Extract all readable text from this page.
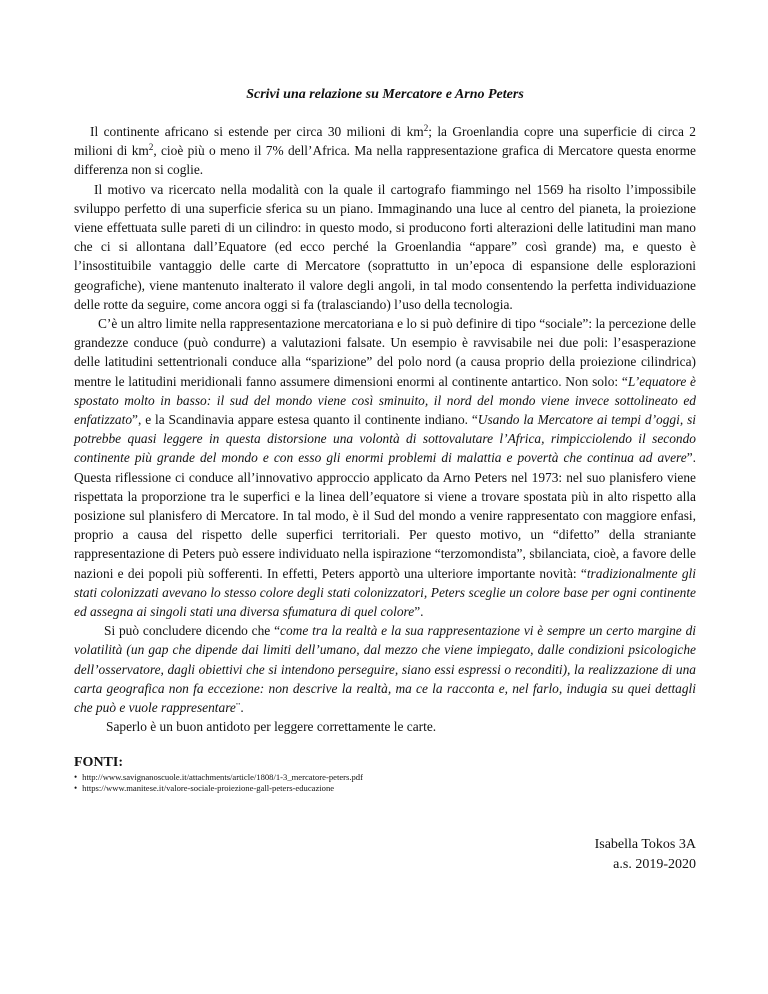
Scrivi una relazione su Mercatore e Arno Peters

Il continente africano si estende per circa 30 milioni di $km^2$; la Groenlandia copre una superficie di circa 2 milioni di $km^2$, cioè più o meno il 7% dell’Africa. Ma nella rappresentazione grafica di Mercatore questa enorme differenza non si coglie.

Il motivo va ricercato nella modalità con la quale il cartografo fiammingo nel 1569 ha risolto l’impossibile sviluppo perfetto di una superficie sferica su un piano. Immaginando una luce al centro del pianeta, la proiezione viene effettuata sulle pareti di un cilindro: in questo modo, si producono forti alterazioni delle latitudini man mano che ci si allontana dall’Equatore (ed ecco perché la Groenlandia “appare” così grande) ma, e questo è l’insostituibile vantaggio delle carte di Mercatore (soprattutto in un’epoca di espansione delle esplorazioni geografiche), viene mantenuto inalterato il valore degli angoli, in tal modo consentendo la perfetta individuazione delle rotte da seguire, come ancora oggi si fa (tralasciando) l’uso della tecnologia.

C’è un altro limite nella rappresentazione mercatoriana e lo si può definire di tipo “sociale”: la percezione delle grandezze conduce (può condurre) a valutazioni falsate. Un esempio è ravvisabile nei due poli: l’esasperazione delle latitudini settentrionali conduce alla “sparizione” del polo nord (a causa proprio della proiezione cilindrica) mentre le latitudini meridionali fanno assumere dimensioni enormi al continente antartico. Non solo: “L’equatore è spostato molto in basso: il sud del mondo viene così sminuito, il nord del mondo viene invece sottolineato ed enfatizzato”, e la Scandinavia appare estesa quanto il continente indiano. “Usando la Mercatore ai tempi d’oggi, si potrebbe quasi leggere in questa distorsione una volontà di sottovalutare l’Africa, rimpicciolendo il secondo continente più grande del mondo e con esso gli enormi problemi di malattia e povertà che continua ad avere”. Questa riflessione ci conduce all’innovativo approccio applicato da Arno Peters nel 1973: nel suo planisfero viene rispettata la proporzione tra le superfici e la linea dell’equatore si viene a trovare spostata più in alto rispetto alla posizione sul planisfero di Mercatore. In tal modo, è il Sud del mondo a venire rappresentato con maggiore enfasi, proprio a causa del rispetto delle superfici territoriali. Per questo motivo, un “difetto” della straniante rappresentazione di Peters può essere individuato nella ispirazione “terzomondista”, sbilanciata, cioè, a favore delle nazioni e dei popoli più sofferenti. In effetti, Peters apportò una ulteriore importante novità: “tradizionalmente gli stati colonizzati avevano lo stesso colore degli stati colonizzatori, Peters sceglie un colore base per ogni continente ed assegna ai singoli stati una diversa sfumatura di quel colore”.

Si può concludere dicendo che “come tra la realtà e la sua rappresentazione vi è sempre un certo margine di volatilità (un gap che dipende dai limiti dell’umano, dal mezzo che viene impiegato, dalle condizioni psicologiche dell’osservatore, dagli obiettivi che si intendono perseguire, siano essi espressi o reconditi), la realizzazione di una carta geografica non fa eccezione: non descrive la realtà, ma ce la racconta e, nel farlo, indugia su quei dettagli che può e vuole rappresentare¨.

Saperlo è un buon antidoto per leggere correttamente le carte.

FONTI:
• http://www.savignanoscuole.it/attachments/article/1808/1-3_mercatore-peters.pdf
• https://www.manitese.it/valore-sociale-proiezione-gall-peters-educazione
Isabella Tokos 3A
a.s. 2019-2020
